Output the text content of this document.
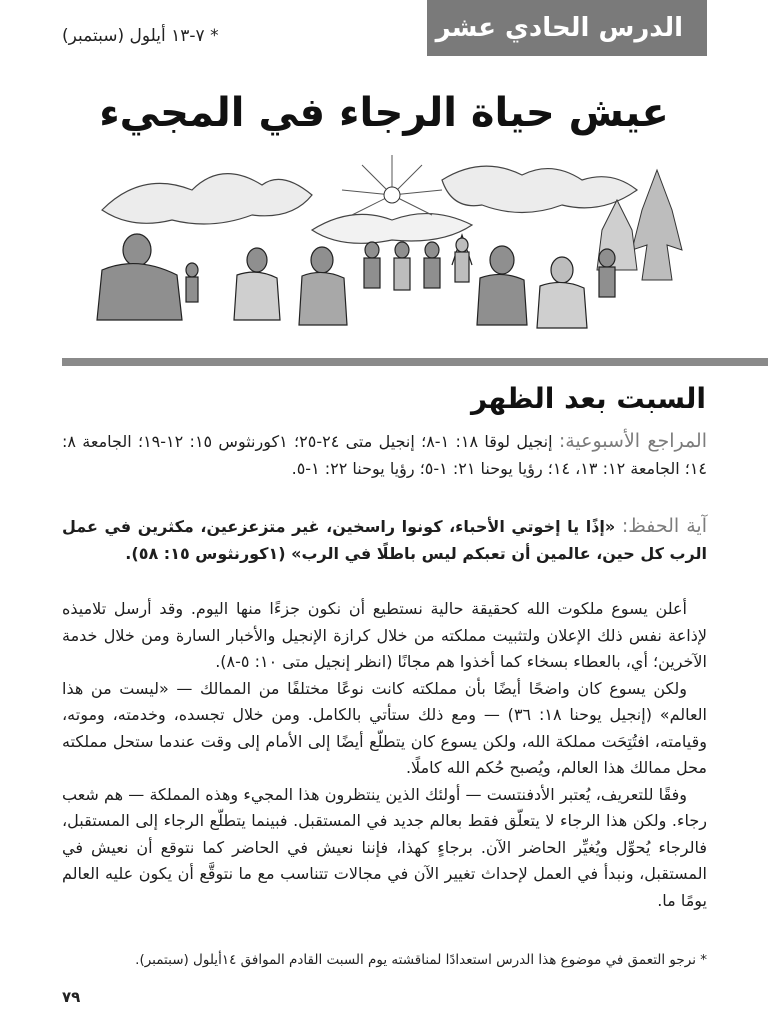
الدرس الحادي عشر
* ٧-١٣ أيلول (سبتمبر)
عيش حياة الرجاء في المجيء
السبت بعد الظهر
المراجع الأسبوعية: إنجيل لوقا ١٨: ١-٨؛ إنجيل متى ٢٤-٢٥؛ ١كورنثوس ١٥: ١٢-١٩؛ الجامعة ٨: ١٤؛ الجامعة ١٢: ١٣، ١٤؛ رؤيا يوحنا ٢١: ١-٥؛ رؤيا يوحنا ٢٢: ١-٥.
آية الحفظ: «إذًا يا إخوتي الأحباء، كونوا راسخين، غير متزعزعين، مكثرين في عمل الرب كل حين، عالمين أن تعبكم ليس باطلًا في الرب» (١كورنثوس ١٥: ٥٨).

أعلن يسوع ملكوت الله كحقيقة حالية نستطيع أن نكون جزءًا منها اليوم. وقد أرسل تلاميذه لإذاعة نفس ذلك الإعلان ولتثبيت مملكته من خلال كرازة الإنجيل والأخبار السارة ومن خلال خدمة الآخرين؛ أي، بالعطاء بسخاء كما أخذوا هم مجانًا (انظر إنجيل متى ١٠: ٥-٨).

ولكن يسوع كان واضحًا أيضًا بأن مملكته كانت نوعًا مختلفًا من الممالك — «ليست من هذا العالم» (إنجيل يوحنا ١٨: ٣٦) — ومع ذلك ستأتي بالكامل. ومن خلال تجسده، وخدمته، وموته، وقيامته، افتُتِحَت مملكة الله، ولكن يسوع كان يتطلّع أيضًا إلى الأمام إلى وقت عندما ستحل مملكته محل ممالك هذا العالم، ويُصبح حُكم الله كاملًا.

وفقًا للتعريف، يُعتبر الأدفنتست — أولئك الذين ينتظرون هذا المجيء وهذه المملكة — هم شعب رجاء. ولكن هذا الرجاء لا يتعلّق فقط بعالم جديد في المستقبل. فبينما يتطلّع الرجاء إلى المستقبل، فالرجاء يُحوِّل ويُغيِّر الحاضر الآن. برجاءٍ كهذا، فإننا نعيش في الحاضر كما نتوقع أن نعيش في المستقبل، ونبدأ في العمل لإحداث تغيير الآن في مجالات تتناسب مع ما نتوقَّع أن يكون عليه العالم يومًا ما.

* نرجو التعمق في موضوع هذا الدرس استعدادًا لمناقشته يوم السبت القادم الموافق ١٤أيلول (سبتمبر).
٧٩
